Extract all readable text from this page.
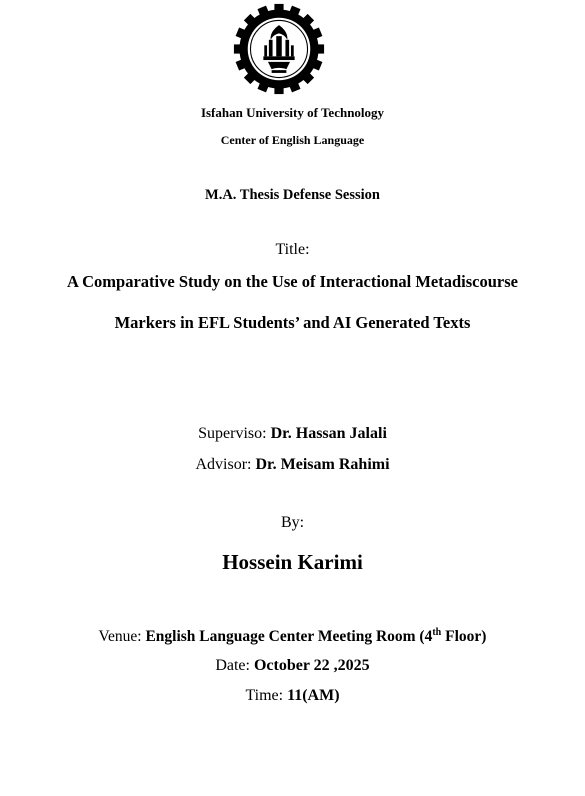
Isfahan University of Technology
Center of English Language
M.A. Thesis Defense Session
Title:
A Comparative Study on the Use of Interactional Metadiscourse
Markers in EFL Students’ and AI Generated Texts
Superviso: Dr. Hassan Jalali
Advisor: Dr. Meisam Rahimi
By:
Hossein Karimi
Venue: English Language Center Meeting Room (4th Floor)
Date: October 22 ,2025
Time: 11(AM)
